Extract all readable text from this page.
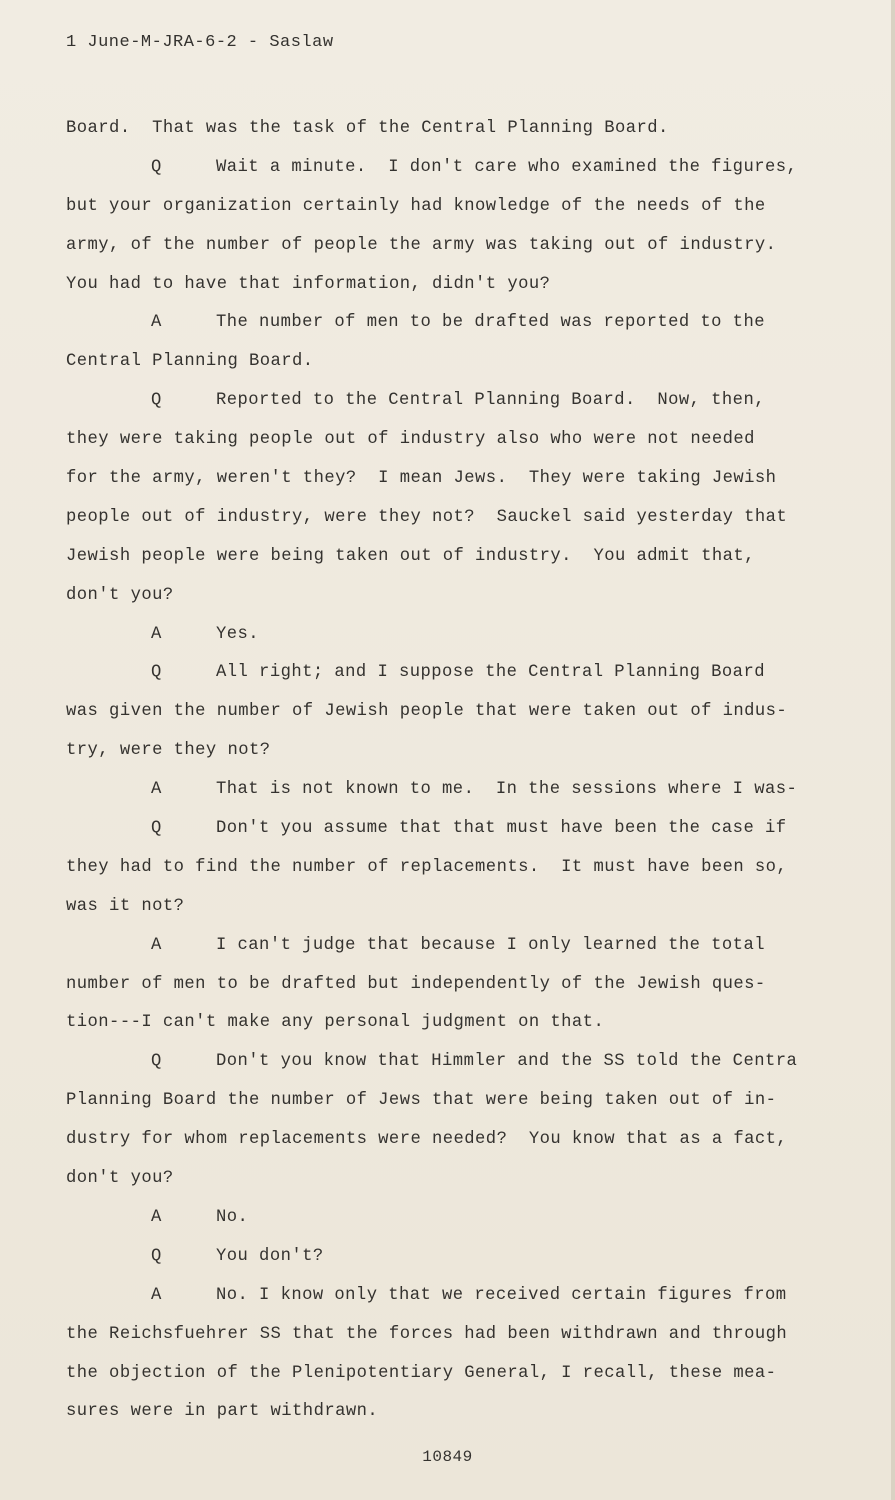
1 June-M-JRA-6-2 - Saslaw
Board.  That was the task of the Central Planning Board.
Q	Wait a minute.  I don't care who examined the figures,
but your organization certainly had knowledge of the needs of the
army, of the number of people the army was taking out of industry.
You had to have that information, didn't you?
A	The number of men to be drafted was reported to the
Central Planning Board.
Q	Reported to the Central Planning Board.  Now, then,
they were taking people out of industry also who were not needed
for the army, weren't they?  I mean Jews.  They were taking Jewish
people out of industry, were they not?  Sauckel said yesterday that
Jewish people were being taken out of industry.  You admit that,
don't you?
A	Yes.
Q	All right; and I suppose the Central Planning Board
was given the number of Jewish people that were taken out of indus-
try, were they not?
A	That is not known to me.  In the sessions where I was-
Q	Don't you assume that that must have been the case if
they had to find the number of replacements.  It must have been so,
was it not?
A	I can't judge that because I only learned the total
number of men to be drafted but independently of the Jewish ques-
tion---I can't make any personal judgment on that.
Q	Don't you know that Himmler and the SS told the Centra
Planning Board the number of Jews that were being taken out of in-
dustry for whom replacements were needed?  You know that as a fact,
don't you?
A	No.
Q	You don't?
A	No. I know only that we received certain figures from
the Reichsfuehrer SS that the forces had been withdrawn and through
the objection of the Plenipotentiary General, I recall, these mea-
sures were in part withdrawn.
10849
